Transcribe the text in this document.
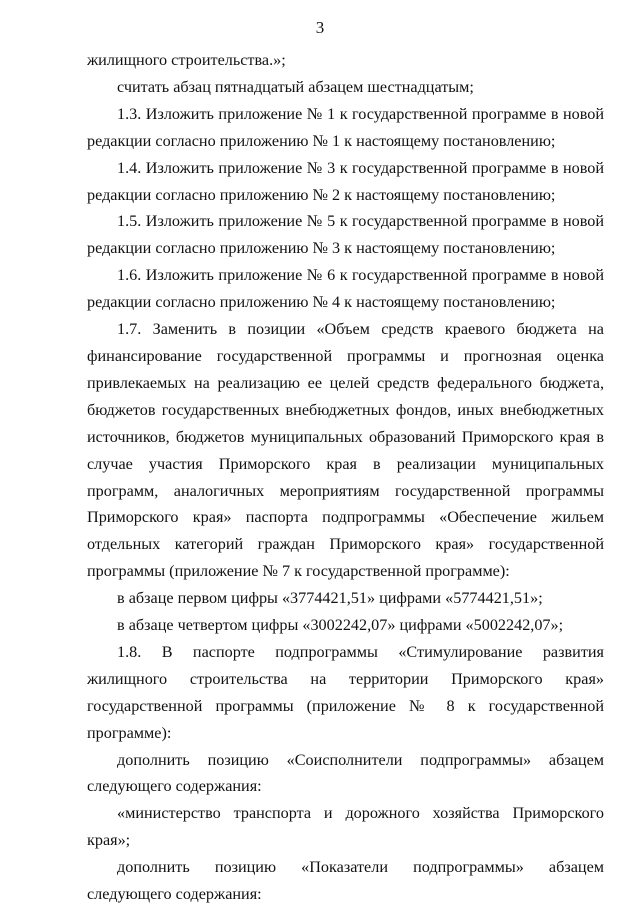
3

жилищного строительства.»;

считать абзац пятнадцатый абзацем шестнадцатым;

1.3. Изложить приложение № 1 к государственной программе в новой редакции согласно приложению № 1 к настоящему постановлению;

1.4. Изложить приложение № 3 к государственной программе в новой редакции согласно приложению № 2 к настоящему постановлению;

1.5. Изложить приложение № 5 к государственной программе в новой редакции согласно приложению № 3 к настоящему постановлению;

1.6. Изложить приложение № 6 к государственной программе в новой редакции согласно приложению № 4 к настоящему постановлению;

1.7. Заменить в позиции «Объем средств краевого бюджета на финансирование государственной программы и прогнозная оценка привлекаемых на реализацию ее целей средств федерального бюджета, бюджетов государственных внебюджетных фондов, иных внебюджетных источников, бюджетов муниципальных образований Приморского края в случае участия Приморского края в реализации муниципальных программ, аналогичных мероприятиям государственной программы Приморского края» паспорта подпрограммы «Обеспечение жильем отдельных категорий граждан Приморского края» государственной программы (приложение № 7 к государственной программе):

в абзаце первом цифры «3774421,51» цифрами «5774421,51»;

в абзаце четвертом цифры «3002242,07» цифрами «5002242,07»;

1.8. В паспорте подпрограммы «Стимулирование развития жилищного строительства на территории Приморского края» государственной программы (приложение № 8 к государственной программе):

дополнить позицию «Соисполнители подпрограммы» абзацем следующего содержания:

«министерство транспорта и дорожного хозяйства Приморского края»;

дополнить позицию «Показатели подпрограммы» абзацем следующего содержания:
